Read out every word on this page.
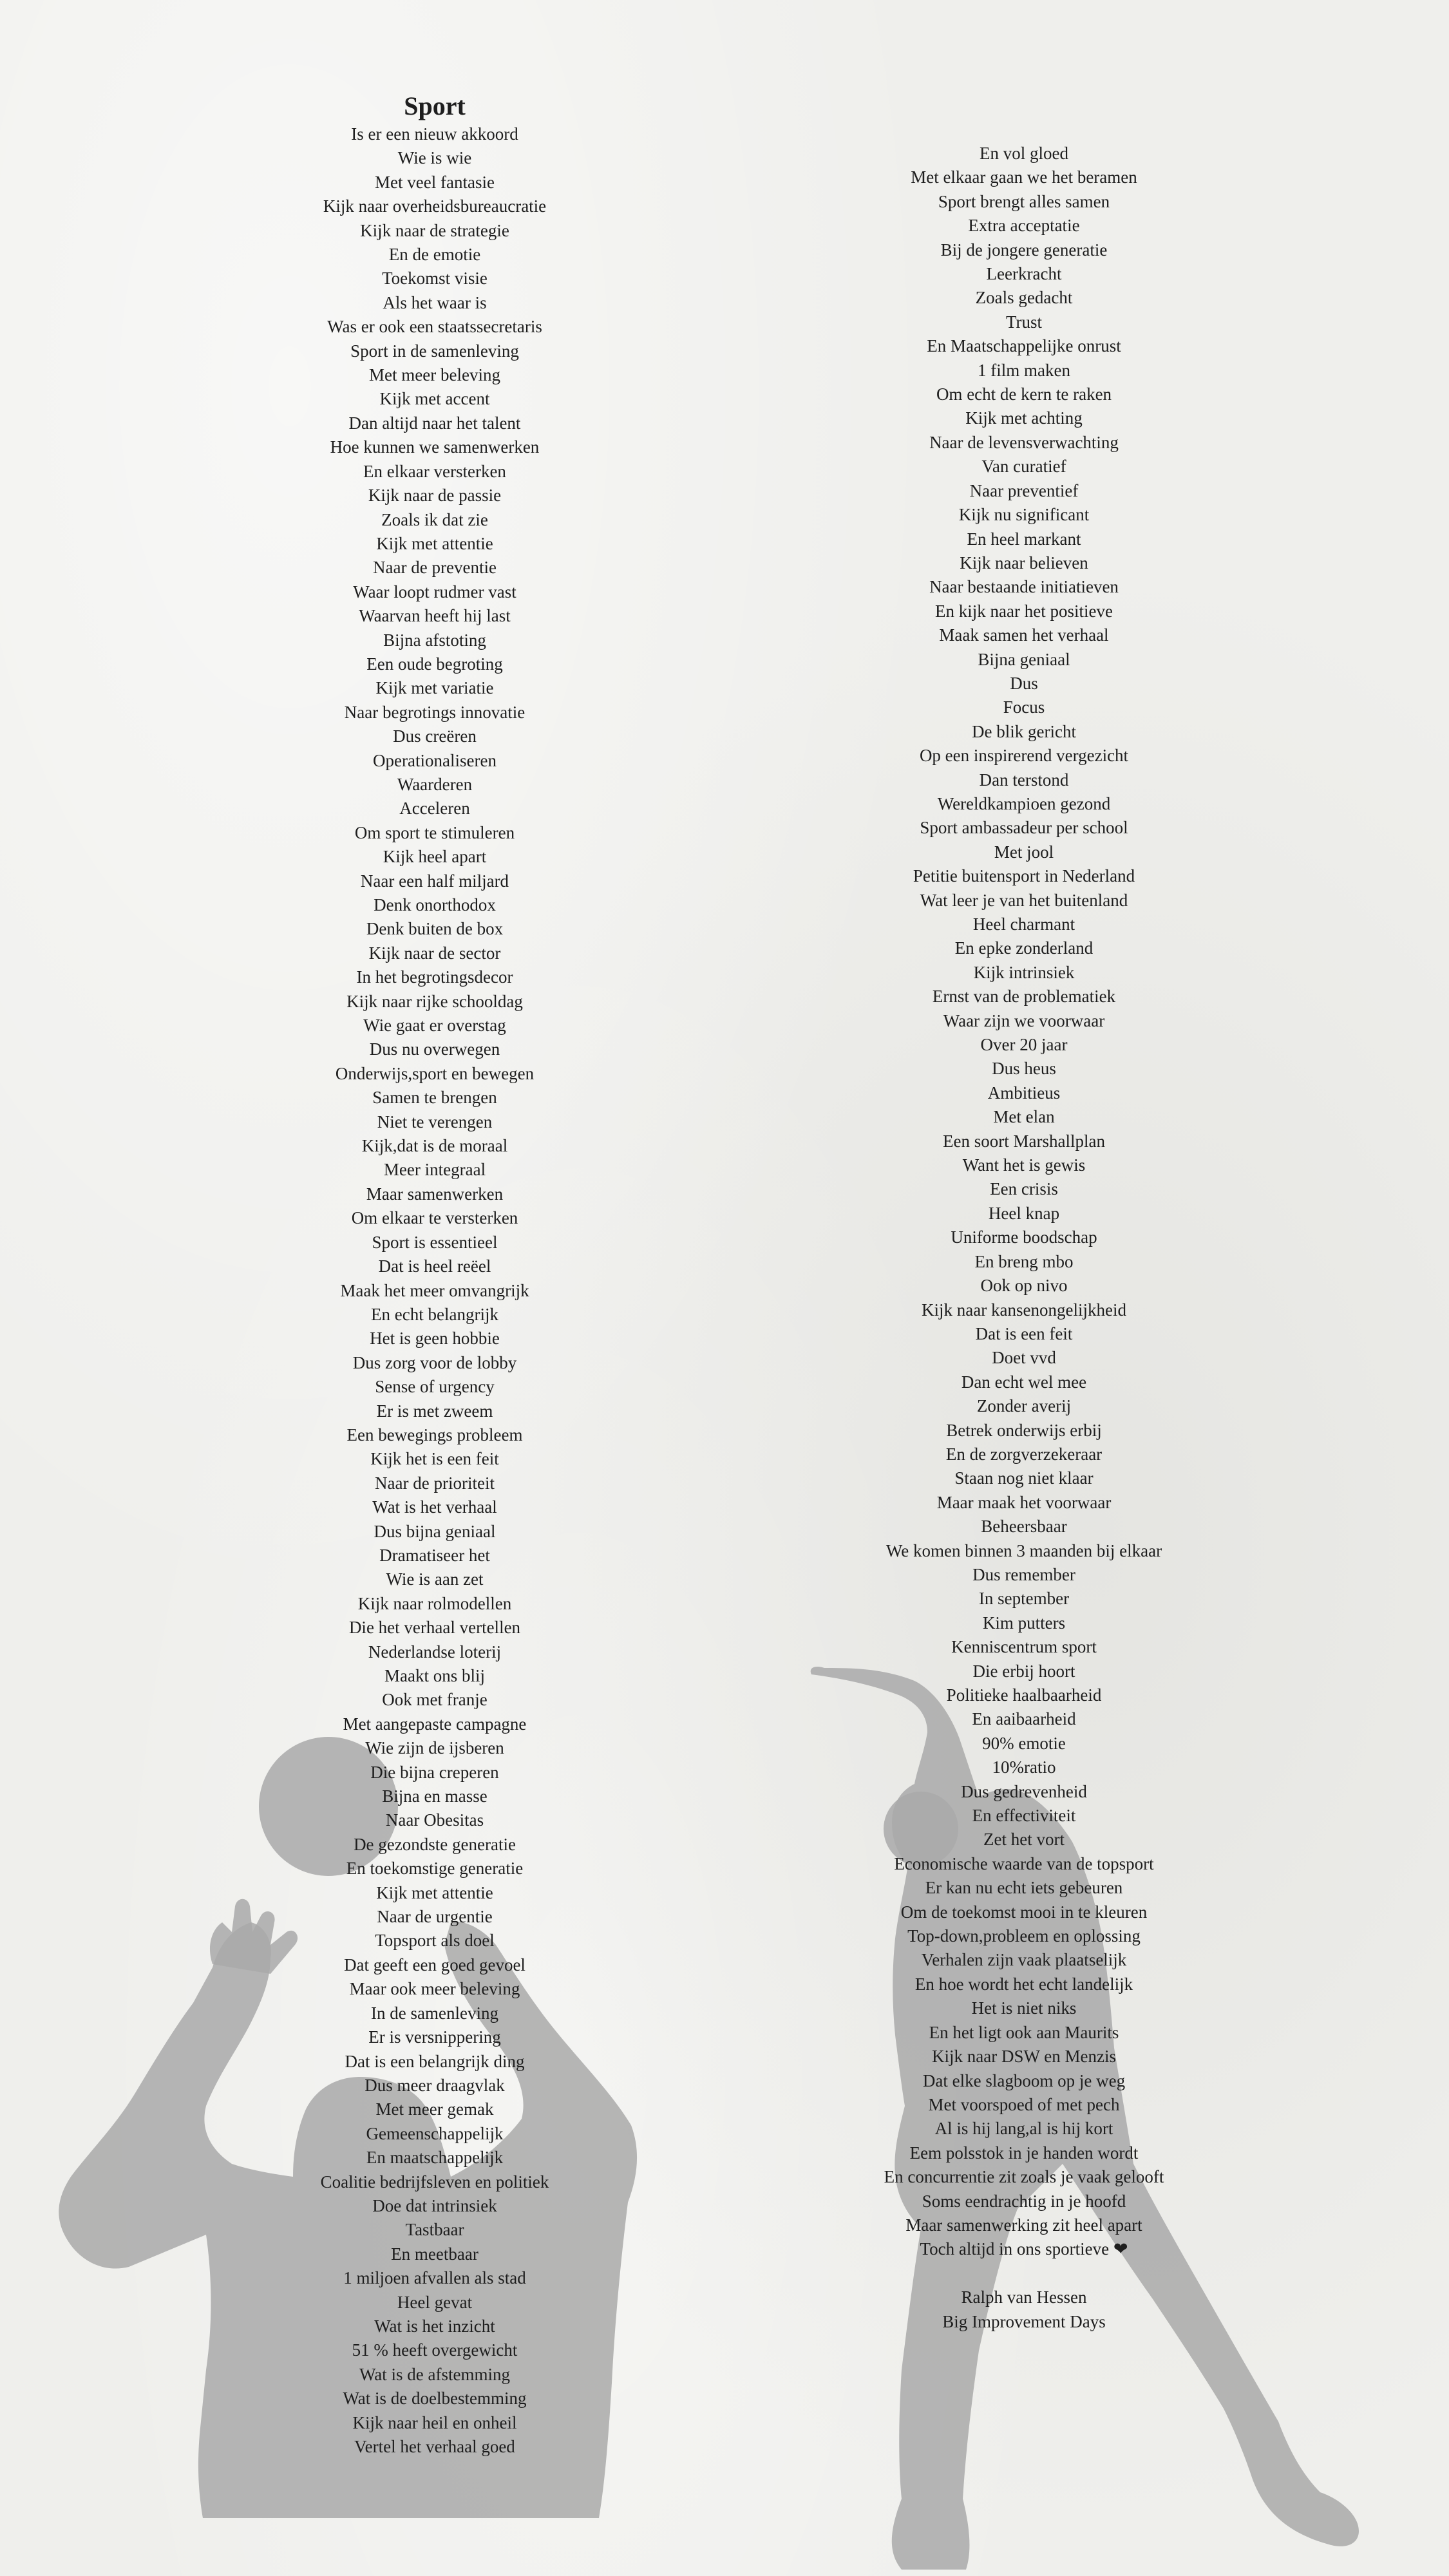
Sport
Is er een nieuw akkoord
Wie is wie
Met veel fantasie
Kijk naar overheidsbureaucratie
Kijk naar de strategie
En de emotie
Toekomst visie
Als het waar is
Was er ook een staatssecretaris
Sport in de samenleving
Met meer beleving
Kijk met accent
Dan altijd naar het talent
Hoe kunnen we samenwerken
En elkaar versterken
Kijk naar de passie
Zoals ik dat zie
Kijk met attentie
Naar de preventie
Waar loopt rudmer vast
Waarvan heeft hij last
Bijna afstoting
Een oude begroting
Kijk met variatie
Naar begrotings innovatie
Dus creëren
Operationaliseren
Waarderen
Acceleren
Om sport te stimuleren
Kijk heel apart
Naar een half miljard
Denk onorthodox
Denk buiten de box
Kijk naar de sector
In het begrotingsdecor
Kijk naar rijke schooldag
Wie gaat er overstag
Dus nu overwegen
Onderwijs,sport en bewegen
Samen te brengen
Niet te verengen
Kijk,dat is de moraal
Meer integraal
Maar samenwerken
Om elkaar te versterken
Sport is essentieel
Dat is heel reëel
Maak het meer omvangrijk
En echt belangrijk
Het is geen hobbie
Dus zorg voor de lobby
Sense of urgency
Er is met zweem
Een bewegings probleem
Kijk het is een feit
Naar de prioriteit
Wat is het verhaal
Dus bijna geniaal
Dramatiseer het
Wie is aan zet
Kijk naar rolmodellen
Die het verhaal vertellen
Nederlandse loterij
Maakt ons blij
Ook met franje
Met aangepaste campagne
Wie zijn de ijsberen
Die bijna creperen
Bijna en masse
Naar Obesitas
De gezondste generatie
En toekomstige generatie
Kijk met attentie
Naar de urgentie
Topsport als doel
Dat geeft een goed gevoel
Maar ook meer beleving
In de samenleving
Er is versnippering
Dat is een belangrijk ding
Dus meer draagvlak
Met meer gemak
Gemeenschappelijk
En maatschappelijk
Coalitie bedrijfsleven en politiek
Doe dat intrinsiek
Tastbaar
En meetbaar
1 miljoen afvallen als stad
Heel gevat
Wat is het inzicht
51 % heeft overgewicht
Wat is de afstemming
Wat is de doelbestemming
Kijk naar heil en onheil
Vertel het verhaal goed
En vol gloed
Met elkaar gaan we het beramen
Sport brengt alles samen
Extra acceptatie
Bij de jongere generatie
Leerkracht
Zoals gedacht
Trust
En Maatschappelijke onrust
1 film maken
Om echt de kern te raken
Kijk met achting
Naar de levensverwachting
Van curatief
Naar preventief
Kijk nu significant
En heel markant
Kijk naar believen
Naar bestaande initiatieven
En kijk naar het positieve
Maak samen het verhaal
Bijna geniaal
Dus
Focus
De blik gericht
Op een inspirerend vergezicht
Dan terstond
Wereldkampioen gezond
Sport ambassadeur per school
Met jool
Petitie buitensport in Nederland
Wat leer je van het buitenland
Heel charmant
En epke zonderland
Kijk intrinsiek
Ernst van de problematiek
Waar zijn we voorwaar
Over 20 jaar
Dus heus
Ambitieus
Met elan
Een soort Marshallplan
Want het is gewis
Een crisis
Heel knap
Uniforme boodschap
En breng mbo
Ook op nivo
Kijk naar kansenongelijkheid
Dat is een feit
Doet vvd
Dan echt wel mee
Zonder averij
Betrek onderwijs erbij
En de zorgverzekeraar
Staan nog niet klaar
Maar maak het voorwaar
Beheersbaar
We komen binnen 3 maanden bij elkaar
Dus remember
In september
Kim putters
Kenniscentrum sport
Die erbij hoort
Politieke haalbaarheid
En aaibaarheid
90% emotie
10%ratio
Dus gedrevenheid
En effectiviteit
Zet het vort
Economische waarde van de topsport
Er kan nu echt iets gebeuren
Om de toekomst mooi in te kleuren
Top-down,probleem en oplossing
Verhalen zijn vaak plaatselijk
En hoe wordt het echt landelijk
Het is niet niks
En het ligt ook aan Maurits
Kijk naar DSW en Menzis
Dat elke slagboom op je weg
Met voorspoed of met pech
Al is hij lang,al is hij kort
Eem polsstok in je handen wordt
En concurrentie zit zoals je vaak gelooft
Soms eendrachtig in je hoofd
Maar samenwerking zit heel apart
Toch altijd in ons sportieve ❤
Ralph van Hessen
Big Improvement Days
